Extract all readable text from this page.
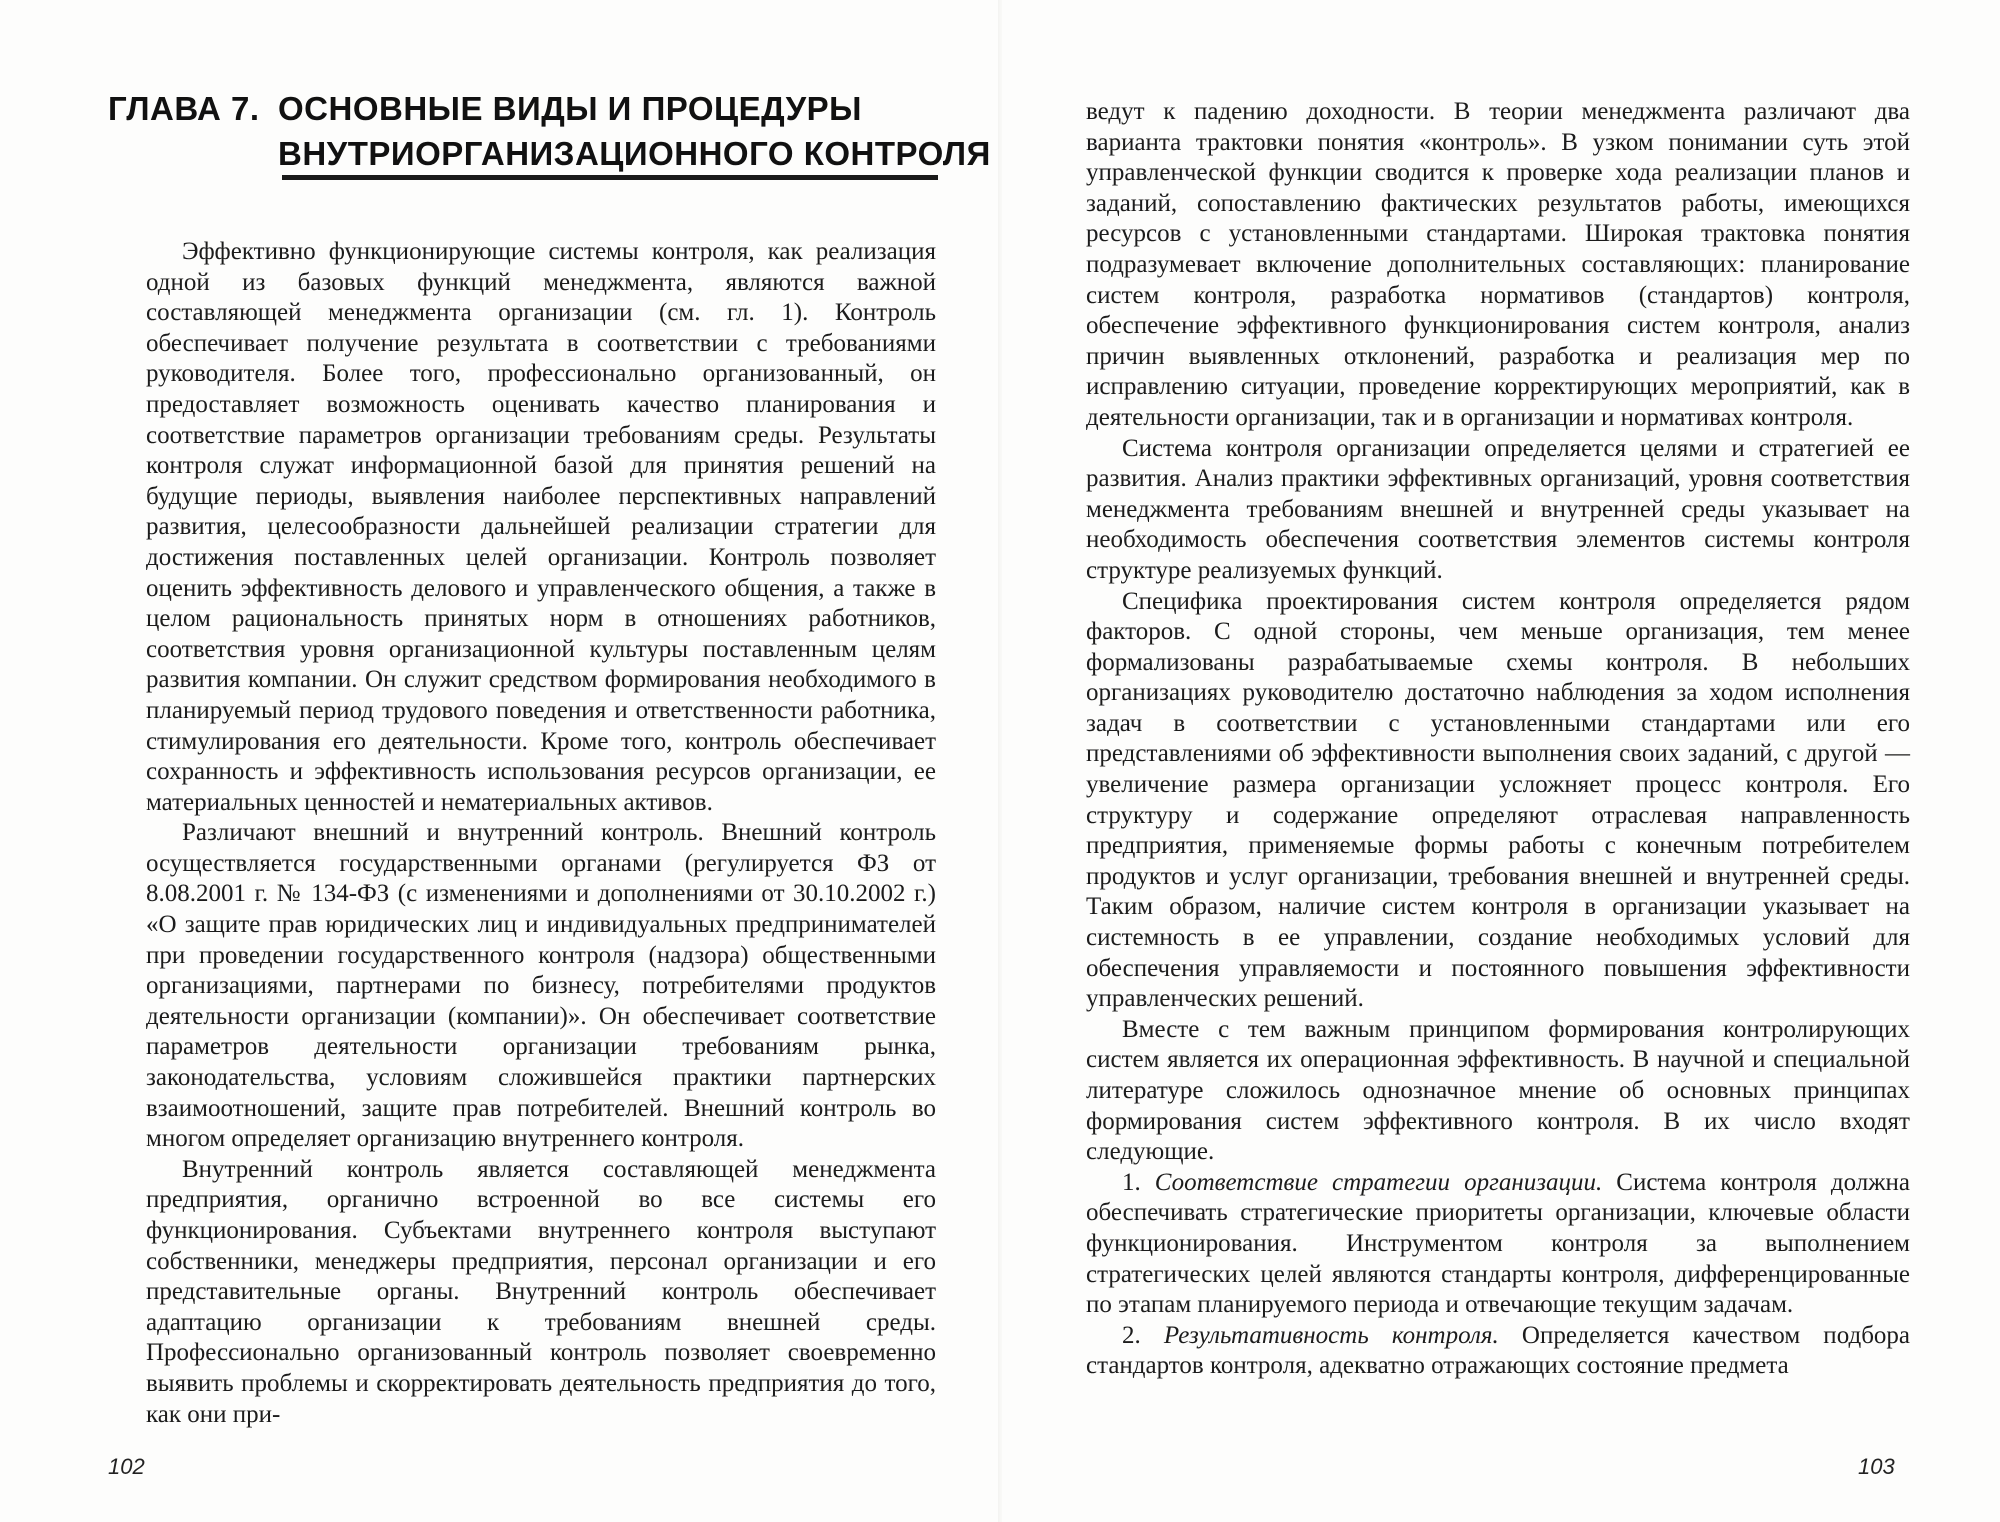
ГЛАВА 7. ОСНОВНЫЕ ВИДЫ И ПРОЦЕДУРЫ
ВНУТРИОРГАНИЗАЦИОННОГО КОНТРОЛЯ

Эффективно функционирующие системы контроля, как реализация одной из базовых функций менеджмента, являются важной составляющей менеджмента организации (см. гл. 1). Контроль обеспечивает получение результата в соответствии с требованиями руководителя. Более того, профессионально организованный, он предоставляет возможность оценивать качество планирования и соответствие параметров организации требованиям среды. Результаты контроля служат информационной базой для принятия решений на будущие периоды, выявления наиболее перспективных направлений развития, целесообразности дальнейшей реализации стратегии для достижения поставленных целей организации. Контроль позволяет оценить эффективность делового и управленческого общения, а также в целом рациональность принятых норм в отношениях работников, соответствия уровня организационной культуры поставленным целям развития компании. Он служит средством формирования необходимого в планируемый период трудового поведения и ответственности работника, стимулирования его деятельности. Кроме того, контроль обеспечивает сохранность и эффективность использования ресурсов организации, ее материальных ценностей и нематериальных активов.

Различают внешний и внутренний контроль. Внешний контроль осуществляется государственными органами (регулируется ФЗ от 8.08.2001 г. № 134-ФЗ (с изменениями и дополнениями от 30.10.2002 г.) «О защите прав юридических лиц и индивидуальных предпринимателей при проведении государственного контроля (надзора) общественными организациями, партнерами по бизнесу, потребителями продуктов деятельности организации (компании)». Он обеспечивает соответствие параметров деятельности организации требованиям рынка, законодательства, условиям сложившейся практики партнерских взаимоотношений, защите прав потребителей. Внешний контроль во многом определяет организацию внутреннего контроля.

Внутренний контроль является составляющей менеджмента предприятия, органично встроенной во все системы его функционирования. Субъектами внутреннего контроля выступают собственники, менеджеры предприятия, персонал организации и его представительные органы. Внутренний контроль обеспечивает адаптацию организации к требованиям внешней среды. Профессионально организованный контроль позволяет своевременно выявить проблемы и скорректировать деятельность предприятия до того, как они при-

102

ведут к падению доходности. В теории менеджмента различают два варианта трактовки понятия «контроль». В узком понимании суть этой управленческой функции сводится к проверке хода реализации планов и заданий, сопоставлению фактических результатов работы, имеющихся ресурсов с установленными стандартами. Широкая трактовка понятия подразумевает включение дополнительных составляющих: планирование систем контроля, разработка нормативов (стандартов) контроля, обеспечение эффективного функционирования систем контроля, анализ причин выявленных отклонений, разработка и реализация мер по исправлению ситуации, проведение корректирующих мероприятий, как в деятельности организации, так и в организации и нормативах контроля.

Система контроля организации определяется целями и стратегией ее развития. Анализ практики эффективных организаций, уровня соответствия менеджмента требованиям внешней и внутренней среды указывает на необходимость обеспечения соответствия элементов системы контроля структуре реализуемых функций.

Специфика проектирования систем контроля определяется рядом факторов. С одной стороны, чем меньше организация, тем менее формализованы разрабатываемые схемы контроля. В небольших организациях руководителю достаточно наблюдения за ходом исполнения задач в соответствии с установленными стандартами или его представлениями об эффективности выполнения своих заданий, с другой — увеличение размера организации усложняет процесс контроля. Его структуру и содержание определяют отраслевая направленность предприятия, применяемые формы работы с конечным потребителем продуктов и услуг организации, требования внешней и внутренней среды. Таким образом, наличие систем контроля в организации указывает на системность в ее управлении, создание необходимых условий для обеспечения управляемости и постоянного повышения эффективности управленческих решений.

Вместе с тем важным принципом формирования контролирующих систем является их операционная эффективность. В научной и специальной литературе сложилось однозначное мнение об основных принципах формирования систем эффективного контроля. В их число входят следующие.

1. Соответствие стратегии организации. Система контроля должна обеспечивать стратегические приоритеты организации, ключевые области функционирования. Инструментом контроля за выполнением стратегических целей являются стандарты контроля, дифференцированные по этапам планируемого периода и отвечающие текущим задачам.

2. Результативность контроля. Определяется качеством подбора стандартов контроля, адекватно отражающих состояние предмета

103
